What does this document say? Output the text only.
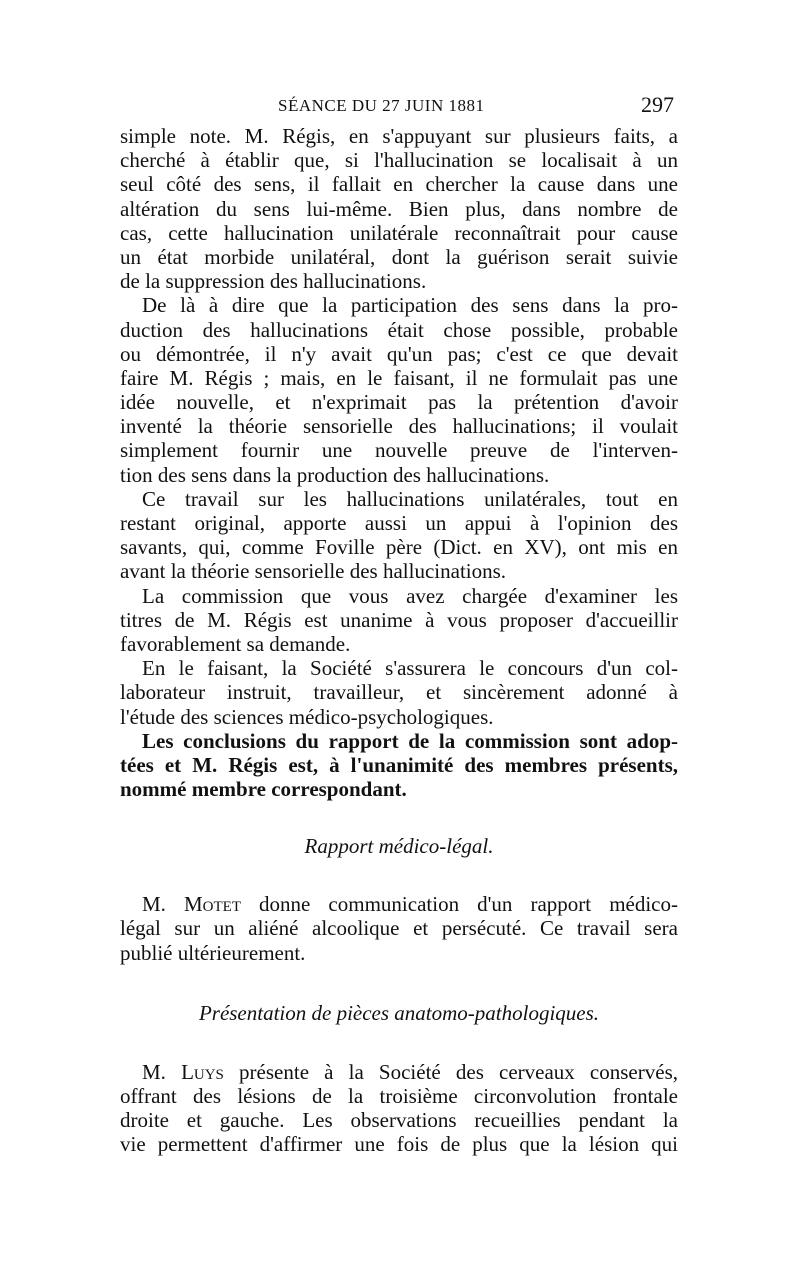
SÉANCE DU 27 JUIN 1881	297
simple note. M. Régis, en s'appuyant sur plusieurs faits, a
cherché à établir que, si l'hallucination se localisait à un
seul côté des sens, il fallait en chercher la cause dans une
altération du sens lui-même. Bien plus, dans nombre de
cas, cette hallucination unilatérale reconnaîtrait pour cause
un état morbide unilatéral, dont la guérison serait suivie
de la suppression des hallucinations.
De là à dire que la participation des sens dans la pro-
duction des hallucinations était chose possible, probable
ou démontrée, il n'y avait qu'un pas; c'est ce que devait
faire M. Régis ; mais, en le faisant, il ne formulait pas une
idée nouvelle, et n'exprimait pas la prétention d'avoir
inventé la théorie sensorielle des hallucinations; il voulait
simplement fournir une nouvelle preuve de l'interven-
tion des sens dans la production des hallucinations.
Ce travail sur les hallucinations unilatérales, tout en
restant original, apporte aussi un appui à l'opinion des
savants, qui, comme Foville père (Dict. en XV), ont mis en
avant la théorie sensorielle des hallucinations.
La commission que vous avez chargée d'examiner les
titres de M. Régis est unanime à vous proposer d'accueillir
favorablement sa demande.
En le faisant, la Société s'assurera le concours d'un col-
laborateur instruit, travailleur, et sincèrement adonné à
l'étude des sciences médico-psychologiques.
Les conclusions du rapport de la commission sont adop-
tées et M. Régis est, à l'unanimité des membres présents,
nommé membre correspondant.
Rapport médico-légal.
M. Motet donne communication d'un rapport médico-
légal sur un aliéné alcoolique et persécuté. Ce travail sera
publié ultérieurement.
Présentation de pièces anatomo-pathologiques.
M. Luys présente à la Société des cerveaux conservés,
offrant des lésions de la troisième circonvolution frontale
droite et gauche. Les observations recueillies pendant la
vie permettent d'affirmer une fois de plus que la lésion qui
